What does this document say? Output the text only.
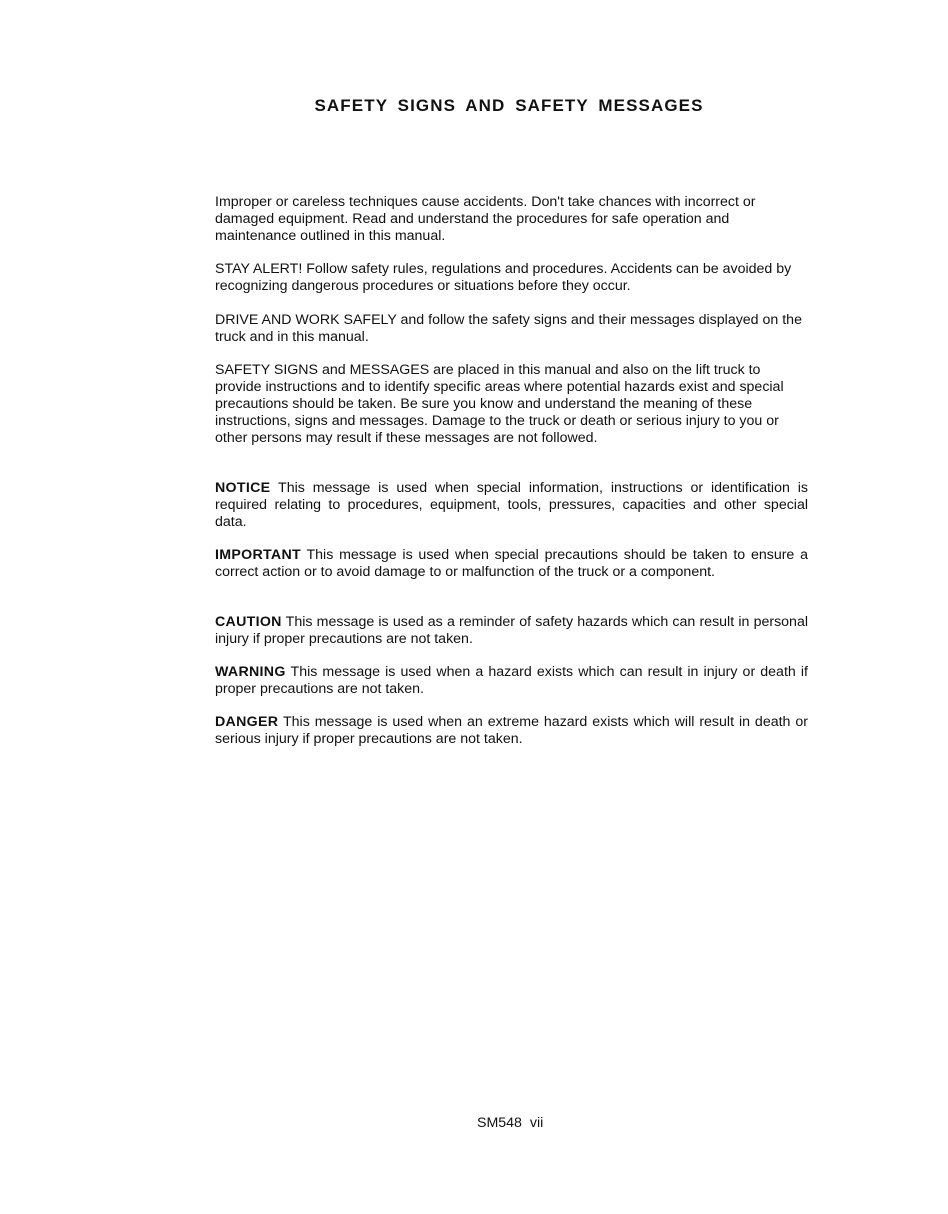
SAFETY SIGNS AND SAFETY MESSAGES

Improper or careless techniques cause accidents. Don't take chances with incorrect or damaged equipment. Read and understand the procedures for safe operation and maintenance outlined in this manual.

STAY ALERT! Follow safety rules, regulations and procedures. Accidents can be avoided by recognizing dangerous procedures or situations before they occur.

DRIVE AND WORK SAFELY and follow the safety signs and their messages displayed on the truck and in this manual.

SAFETY SIGNS and MESSAGES are placed in this manual and also on the lift truck to provide instructions and to identify specific areas where potential hazards exist and special precautions should be taken. Be sure you know and understand the meaning of these instructions, signs and messages. Damage to the truck or death or serious injury to you or other persons may result if these messages are not followed.

NOTICE This message is used when special information, instructions or identification is required relating to procedures, equipment, tools, pressures, capacities and other special data.

IMPORTANT This message is used when special precautions should be taken to ensure a correct action or to avoid damage to or malfunction of the truck or a component.

CAUTION This message is used as a reminder of safety hazards which can result in personal injury if proper precautions are not taken.

WARNING This message is used when a hazard exists which can result in injury or death if proper precautions are not taken.

DANGER This message is used when an extreme hazard exists which will result in death or serious injury if proper precautions are not taken.

SM548 vii
